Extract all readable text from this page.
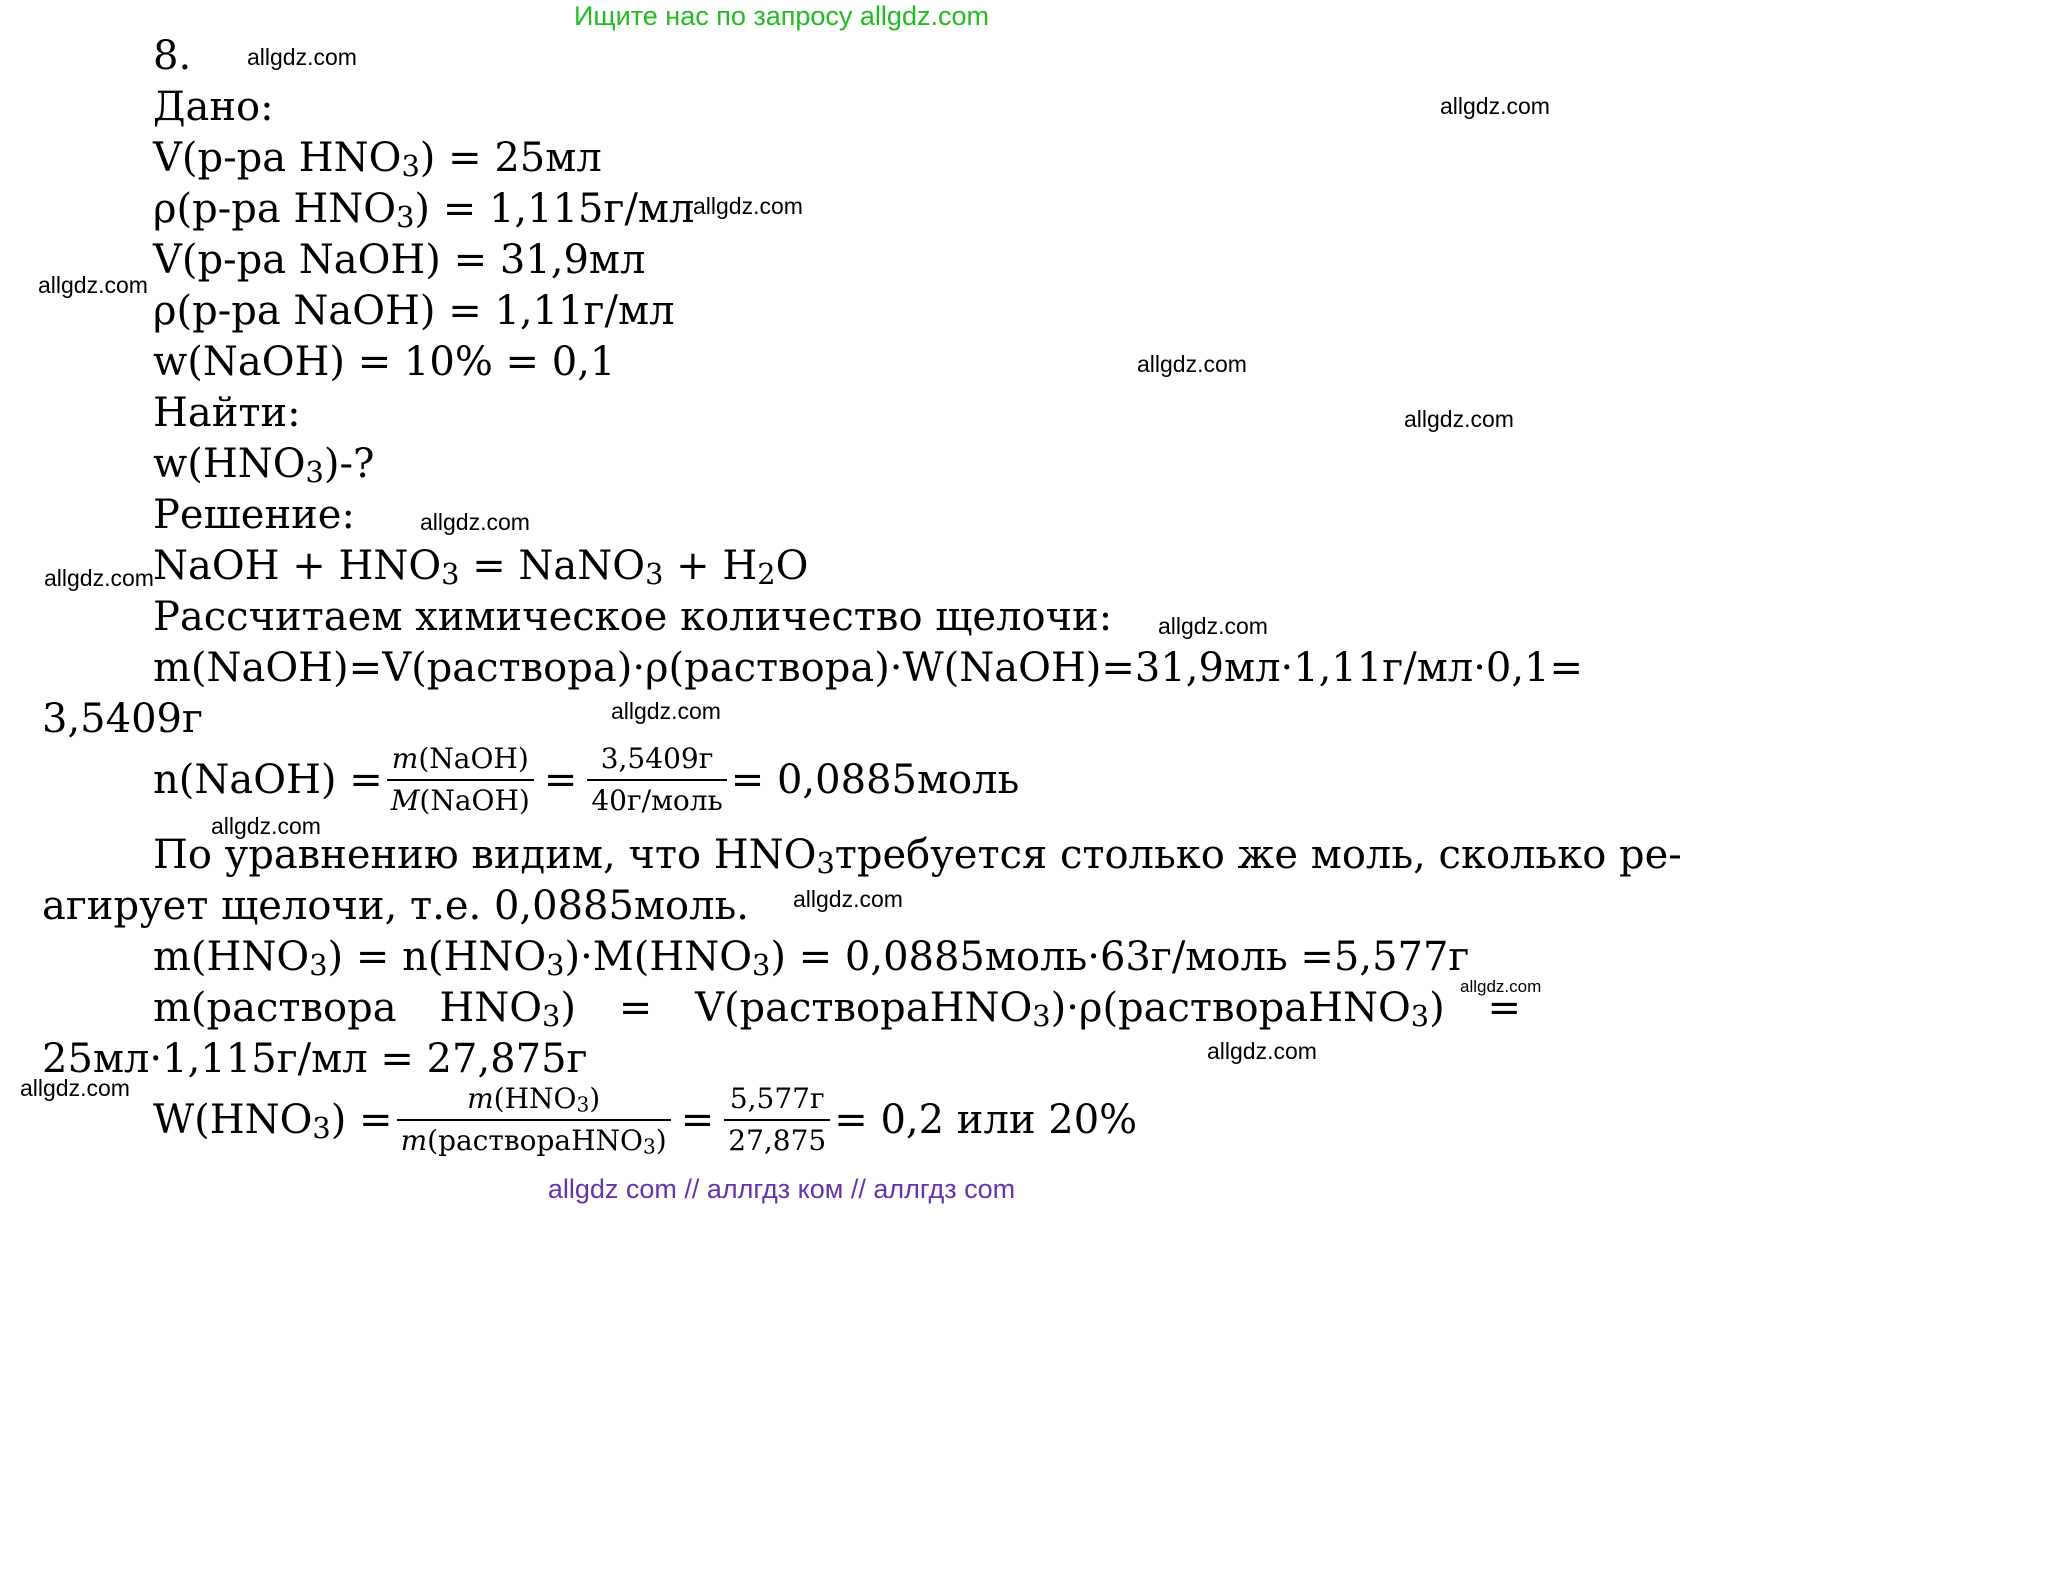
Ищите нас по запросу allgdz.com
allgdz.com
allgdz.com
allgdz.com
allgdz.com
allgdz.com
allgdz.com
allgdz.com
allgdz.com
allgdz.com
allgdz.com
allgdz.com
allgdz.com
allgdz.com
allgdz.com
allgdz.com
8.
Дано:
V(р-ра $HNO_3) = 25мл$
ρ(р-ра $HNO_3) = 1,115г/мл$
V(р-ра NaOH) = 31,9мл
ρ(р-ра NaOH) = 1,11г/мл
w(NaOH) = 10% = 0,1
Найти:
$w(HNO_3)-$?
Решение:
NaOH + $HNO_3$ = NaNO$_3$ + $H_2O$
Рассчитаем химическое количество щелочи:
m(NaOH) = V(раствора)·ρ(раствора)·W(NaOH) = 31,9мл·1,11г/мл·0,1 =
3,5409г
n(NaOH) = $\frac{\text{m(NaOH)}}{\text{M(NaOH)}} = \frac{3,5409г}{\text{40г/моль}}$ = 0,0885моль
По уравнению видим, что $HNO_3требуется$ столько же моль, сколько ре-
агирует щелочи, т.е. 0,0885моль.
$m(HNO_3) = n(HNO_3)\cdot M(HNO_3)$ = 0,0885моль·63г/моль =5,577г
m(раствора $HNO_3$) = V(раствораHNO$_3$)·ρ(раствораHNO$_3$) =
25мл·1,115г/мл = 27,875г
$W(HNO_3) = \frac{m(HNO_3)}{m(раствораHNO_3)} = \frac{5,577г}{27,875} = 0,2$ или 20%
allgdz com // аллгдз ком // аллгдз com
